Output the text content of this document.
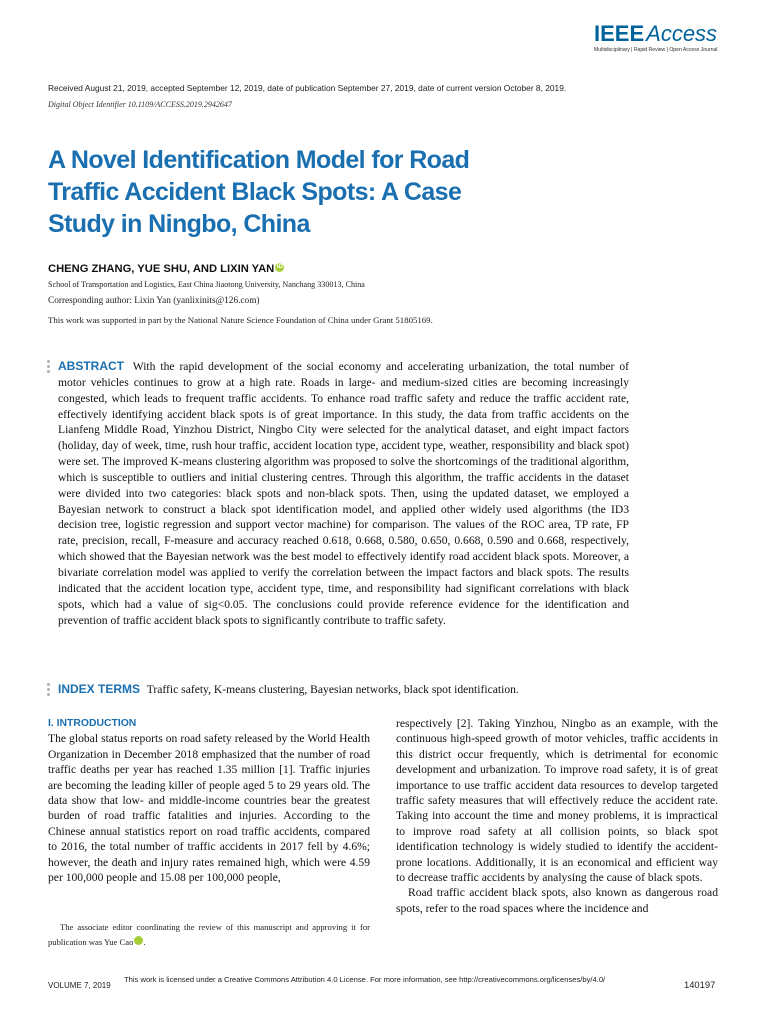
IEEEAccess
Multidisciplinary | Rapid Review | Open Access Journal
Received August 21, 2019, accepted September 12, 2019, date of publication September 27, 2019, date of current version October 8, 2019.
Digital Object Identifier 10.1109/ACCESS.2019.2942647
A Novel Identification Model for Road Traffic Accident Black Spots: A Case Study in Ningbo, China
CHENG ZHANG, YUE SHU, AND LIXIN YAN iD
School of Transportation and Logistics, East China Jiaotong University, Nanchang 330013, China
Corresponding author: Lixin Yan (yanlixinits@126.com)
This work was supported in part by the National Nature Science Foundation of China under Grant 51805169.

ABSTRACT With the rapid development of the social economy and accelerating urbanization, the total number of motor vehicles continues to grow at a high rate. Roads in large- and medium-sized cities are becoming increasingly congested, which leads to frequent traffic accidents. To enhance road traffic safety and reduce the traffic accident rate, effectively identifying accident black spots is of great importance. In this study, the data from traffic accidents on the Lianfeng Middle Road, Yinzhou District, Ningbo City were selected for the analytical dataset, and eight impact factors (holiday, day of week, time, rush hour traffic, accident location type, accident type, weather, responsibility and black spot) were set. The improved K-means clustering algorithm was proposed to solve the shortcomings of the traditional algorithm, which is susceptible to outliers and initial clustering centres. Through this algorithm, the traffic accidents in the dataset were divided into two categories: black spots and non-black spots. Then, using the updated dataset, we employed a Bayesian network to construct a black spot identification model, and applied other widely used algorithms (the ID3 decision tree, logistic regression and support vector machine) for comparison. The values of the ROC area, TP rate, FP rate, precision, recall, F-measure and accuracy reached 0.618, 0.668, 0.580, 0.650, 0.668, 0.590 and 0.668, respectively, which showed that the Bayesian network was the best model to effectively identify road accident black spots. Moreover, a bivariate correlation model was applied to verify the correlation between the impact factors and black spots. The results indicated that the accident location type, accident type, time, and responsibility had significant correlations with black spots, which had a value of sig<0.05. The conclusions could provide reference evidence for the identification and prevention of traffic accident black spots to significantly contribute to traffic safety.

INDEX TERMS Traffic safety, K-means clustering, Bayesian networks, black spot identification.

I. INTRODUCTION

The global status reports on road safety released by the World Health Organization in December 2018 emphasized that the number of road traffic deaths per year has reached 1.35 million [1]. Traffic injuries are becoming the leading killer of people aged 5 to 29 years old. The data show that low- and middle-income countries bear the greatest burden of road traffic fatalities and injuries. According to the Chinese annual statistics report on road traffic accidents, compared to 2016, the total number of traffic accidents in 2017 fell by 4.6%; however, the death and injury rates remained high, which were 4.59 per 100,000 people and 15.08 per 100,000 people,

respectively [2]. Taking Yinzhou, Ningbo as an example, with the continuous high-speed growth of motor vehicles, traffic accidents in this district occur frequently, which is detrimental for economic development and urbanization. To improve road safety, it is of great importance to use traffic accident data resources to develop targeted traffic safety measures that will effectively reduce the accident rate. Taking into account the time and money problems, it is impractical to improve road safety at all collision points, so black spot identification technology is widely studied to identify the accident-prone locations. Additionally, it is an economical and efficient way to decrease traffic accidents by analysing the cause of black spots.

Road traffic accident black spots, also known as dangerous road spots, refer to the road spaces where the incidence and

The associate editor coordinating the review of this manuscript and approving it for publication was Yue Cao iD.

VOLUME 7, 2019
This work is licensed under a Creative Commons Attribution 4.0 License. For more information, see http://creativecommons.org/licenses/by/4.0/	140197
